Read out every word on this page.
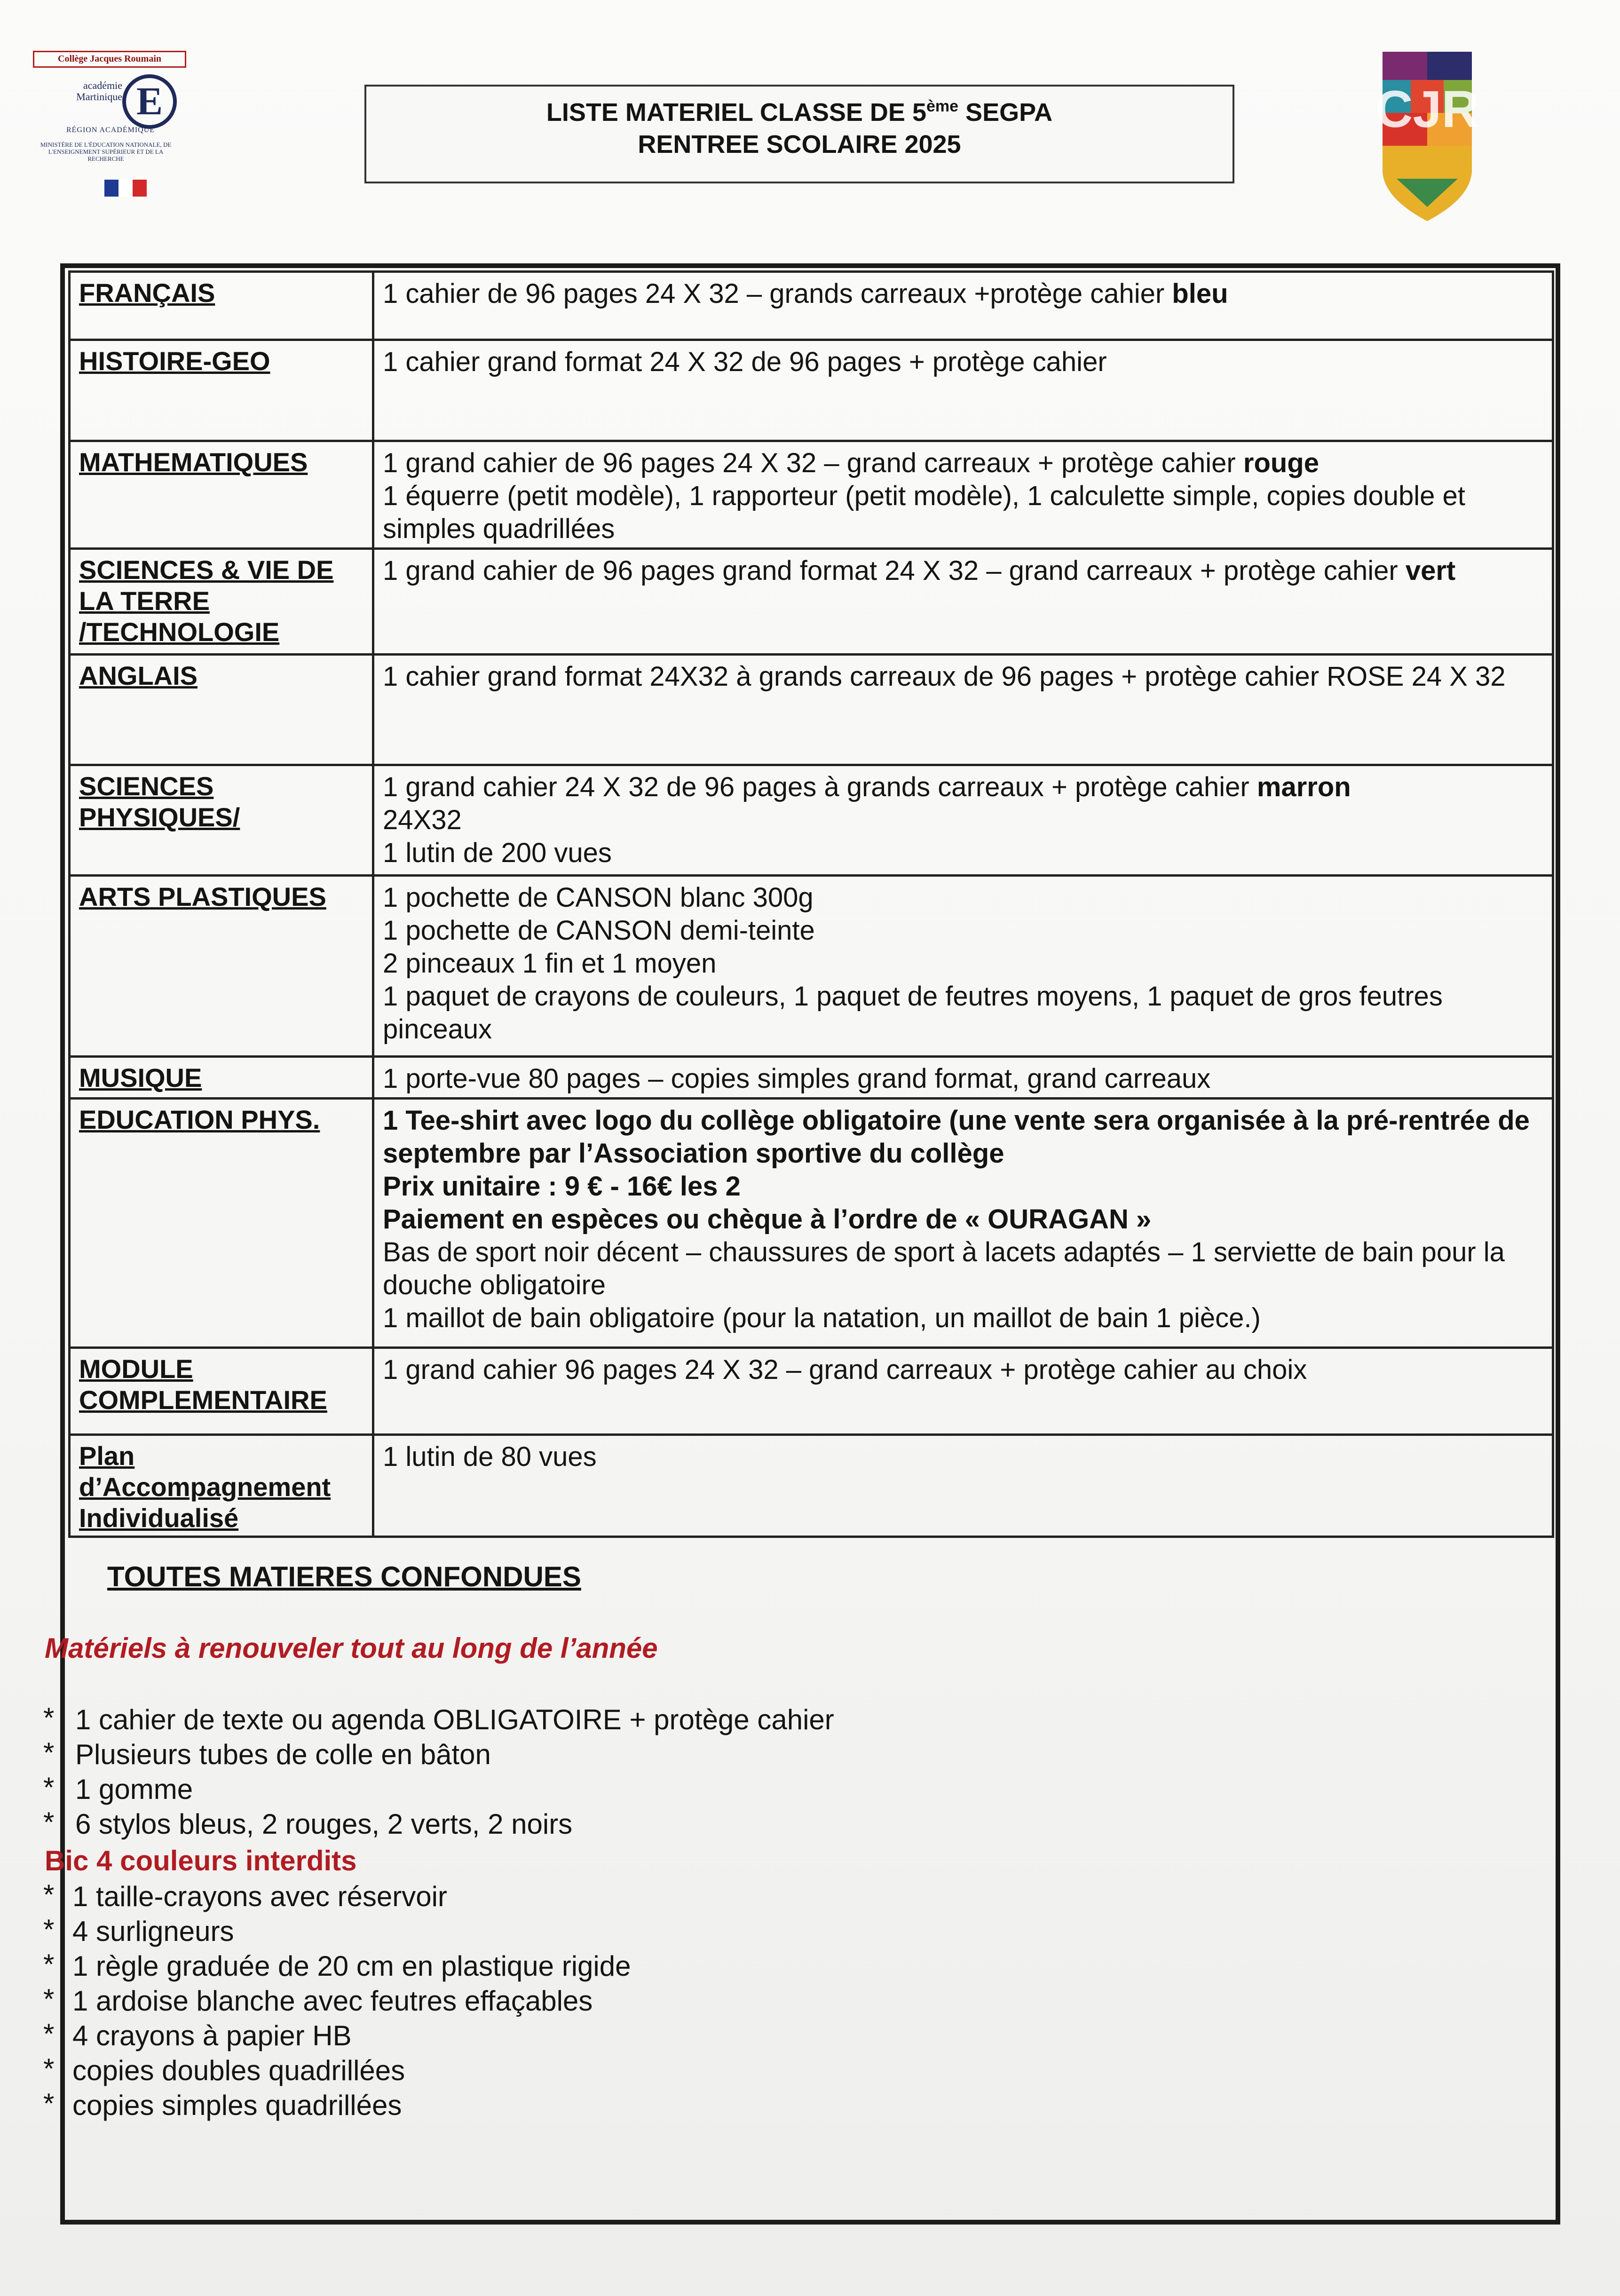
Collège Jacques Roumain
académie
Martinique E
RÉGION ACADÉMIQUE
MINISTÈRE DE L'ÉDUCATION NATIONALE, DE L'ENSEIGNEMENT SUPÉRIEUR ET DE LA RECHERCHE
LISTE MATERIEL CLASSE DE 5ème SEGPA
RENTREE SCOLAIRE 2025
CJR
FRANÇAIS	1 cahier de 96 pages 24 X 32 – grands carreaux +protège cahier bleu

HISTOIRE-GEO	1 cahier grand format 24 X 32 de 96 pages + protège cahier

MATHEMATIQUES	1 grand cahier de 96 pages 24 X 32 – grand carreaux + protège cahier rouge
1 équerre (petit modèle), 1 rapporteur (petit modèle), 1 calculette simple, copies double et simples quadrillées

SCIENCES & VIE DE LA TERRE /TECHNOLOGIE	1 grand cahier de 96 pages grand format 24 X 32 – grand carreaux + protège cahier vert

ANGLAIS	1 cahier grand format 24X32 à grands carreaux de 96 pages + protège cahier ROSE 24 X 32

SCIENCES PHYSIQUES/	1 grand cahier 24 X 32 de 96 pages à grands carreaux + protège cahier marron
24X32
1 lutin de 200 vues

ARTS PLASTIQUES	1 pochette de CANSON blanc 300g
1 pochette de CANSON demi-teinte
2 pinceaux 1 fin et 1 moyen
1 paquet de crayons de couleurs, 1 paquet de feutres moyens, 1 paquet de gros feutres pinceaux

MUSIQUE	1 porte-vue 80 pages – copies simples grand format, grand carreaux

EDUCATION PHYS.	1 Tee-shirt avec logo du collège obligatoire (une vente sera organisée à la pré-rentrée de septembre par l’Association sportive du collège
Prix unitaire : 9 € - 16€ les 2
Paiement en espèces ou chèque à l’ordre de « OURAGAN »
Bas de sport noir décent – chaussures de sport à lacets adaptés – 1 serviette de bain pour la douche obligatoire
1 maillot de bain obligatoire (pour la natation, un maillot de bain 1 pièce.)

MODULE COMPLEMENTAIRE	1 grand cahier 96 pages 24 X 32 – grand carreaux + protège cahier au choix

Plan d’Accompagnement Individualisé	1 lutin de 80 vues
TOUTES MATIERES CONFONDUES
Matériels à renouveler tout au long de l’année
* 1 cahier de texte ou agenda OBLIGATOIRE + protège cahier
* Plusieurs tubes de colle en bâton
* 1 gomme
* 6 stylos bleus, 2 rouges, 2 verts, 2 noirs
Bic 4 couleurs interdits
* 1 taille-crayons avec réservoir
* 4 surligneurs
* 1 règle graduée de 20 cm en plastique rigide
* 1 ardoise blanche avec feutres effaçables
* 4 crayons à papier HB
* copies doubles quadrillées
* copies simples quadrillées
